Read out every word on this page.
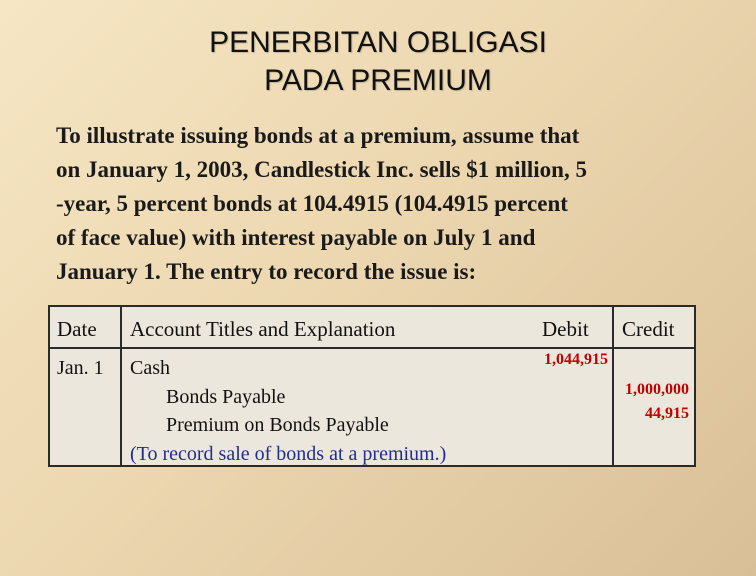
PENERBITAN OBLIGASI
PADA PREMIUM
To illustrate issuing bonds at a premium, assume that
on January 1, 2003, Candlestick Inc. sells $1 million, 5
-year, 5 percent bonds at 104.4915 (104.4915 percent
of face value) with interest payable on July 1 and
January 1. The entry to record the issue is:
Date Account Titles and Explanation	Debit Credit
Jan. 1 Cash
Bonds Payable
Premium on Bonds Payable
(To record sale of bonds at a premium.)
1,044,915
1,000,000
44,915
